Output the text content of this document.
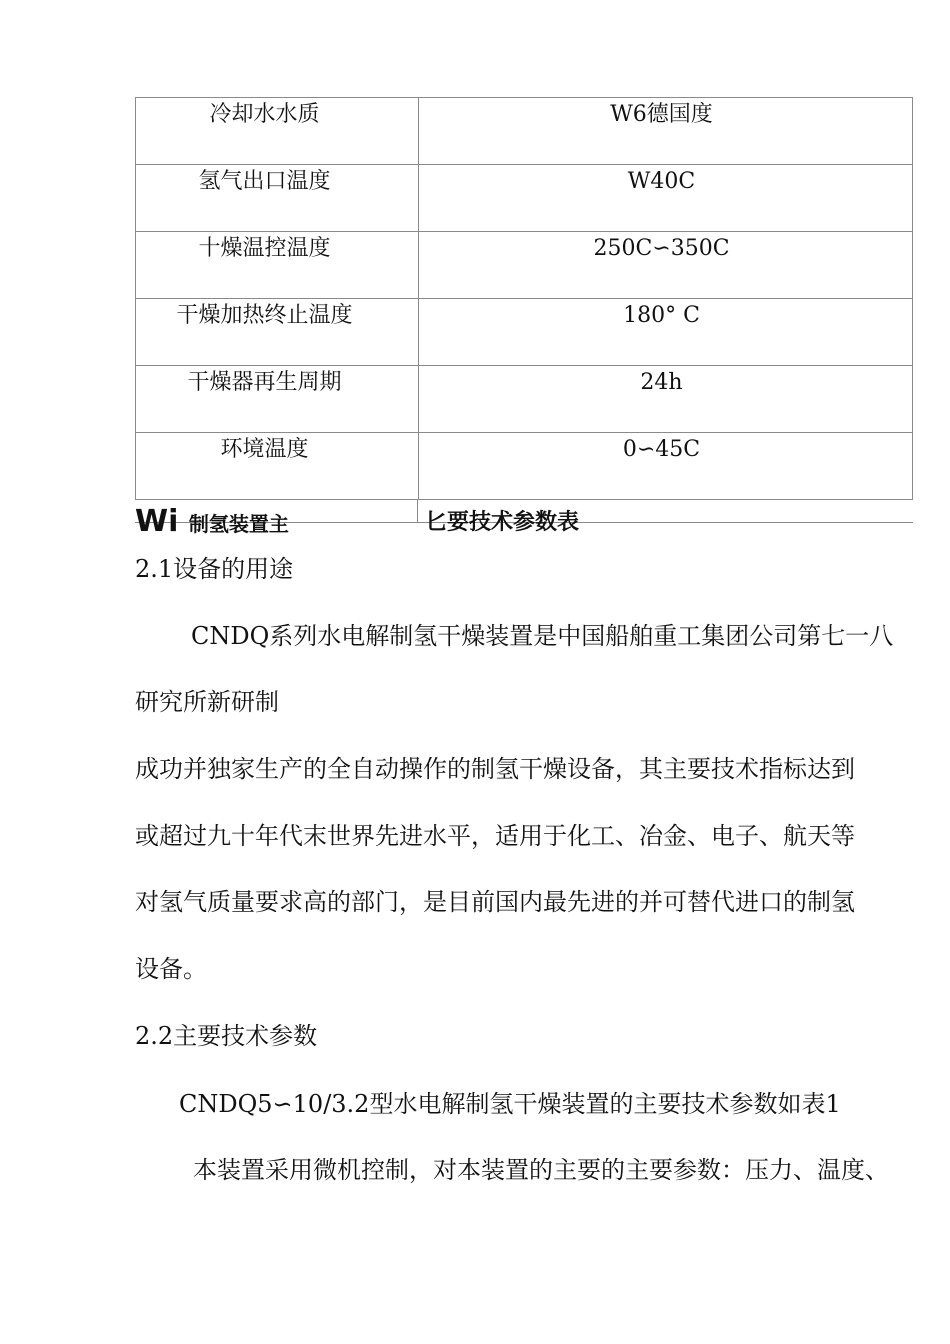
冷却水水质	W6德国度

氢气出口温度	W40C

十燥温控温度	250C∽350C

干燥加热终止温度	180° C

干燥器再生周期	24h

环境温度	0∽45C
Wi 制氢装置主	匕要技术参数表
2.1设备的用途
CNDQ系列水电解制氢干燥装置是中国船舶重工集团公司第七一八
研究所新研制
成功并独家生产的全自动操作的制氢干燥设备，其主要技术指标达到
或超过九十年代末世界先进水平，适用于化工、冶金、电子、航天等
对氢气质量要求高的部门，是目前国内最先进的并可替代进口的制氢
设备。
2.2主要技术参数
CNDQ5∽10/3.2型水电解制氢干燥装置的主要技术参数如表1
本装置采用微机控制，对本装置的主要的主要参数：压力、温度、
